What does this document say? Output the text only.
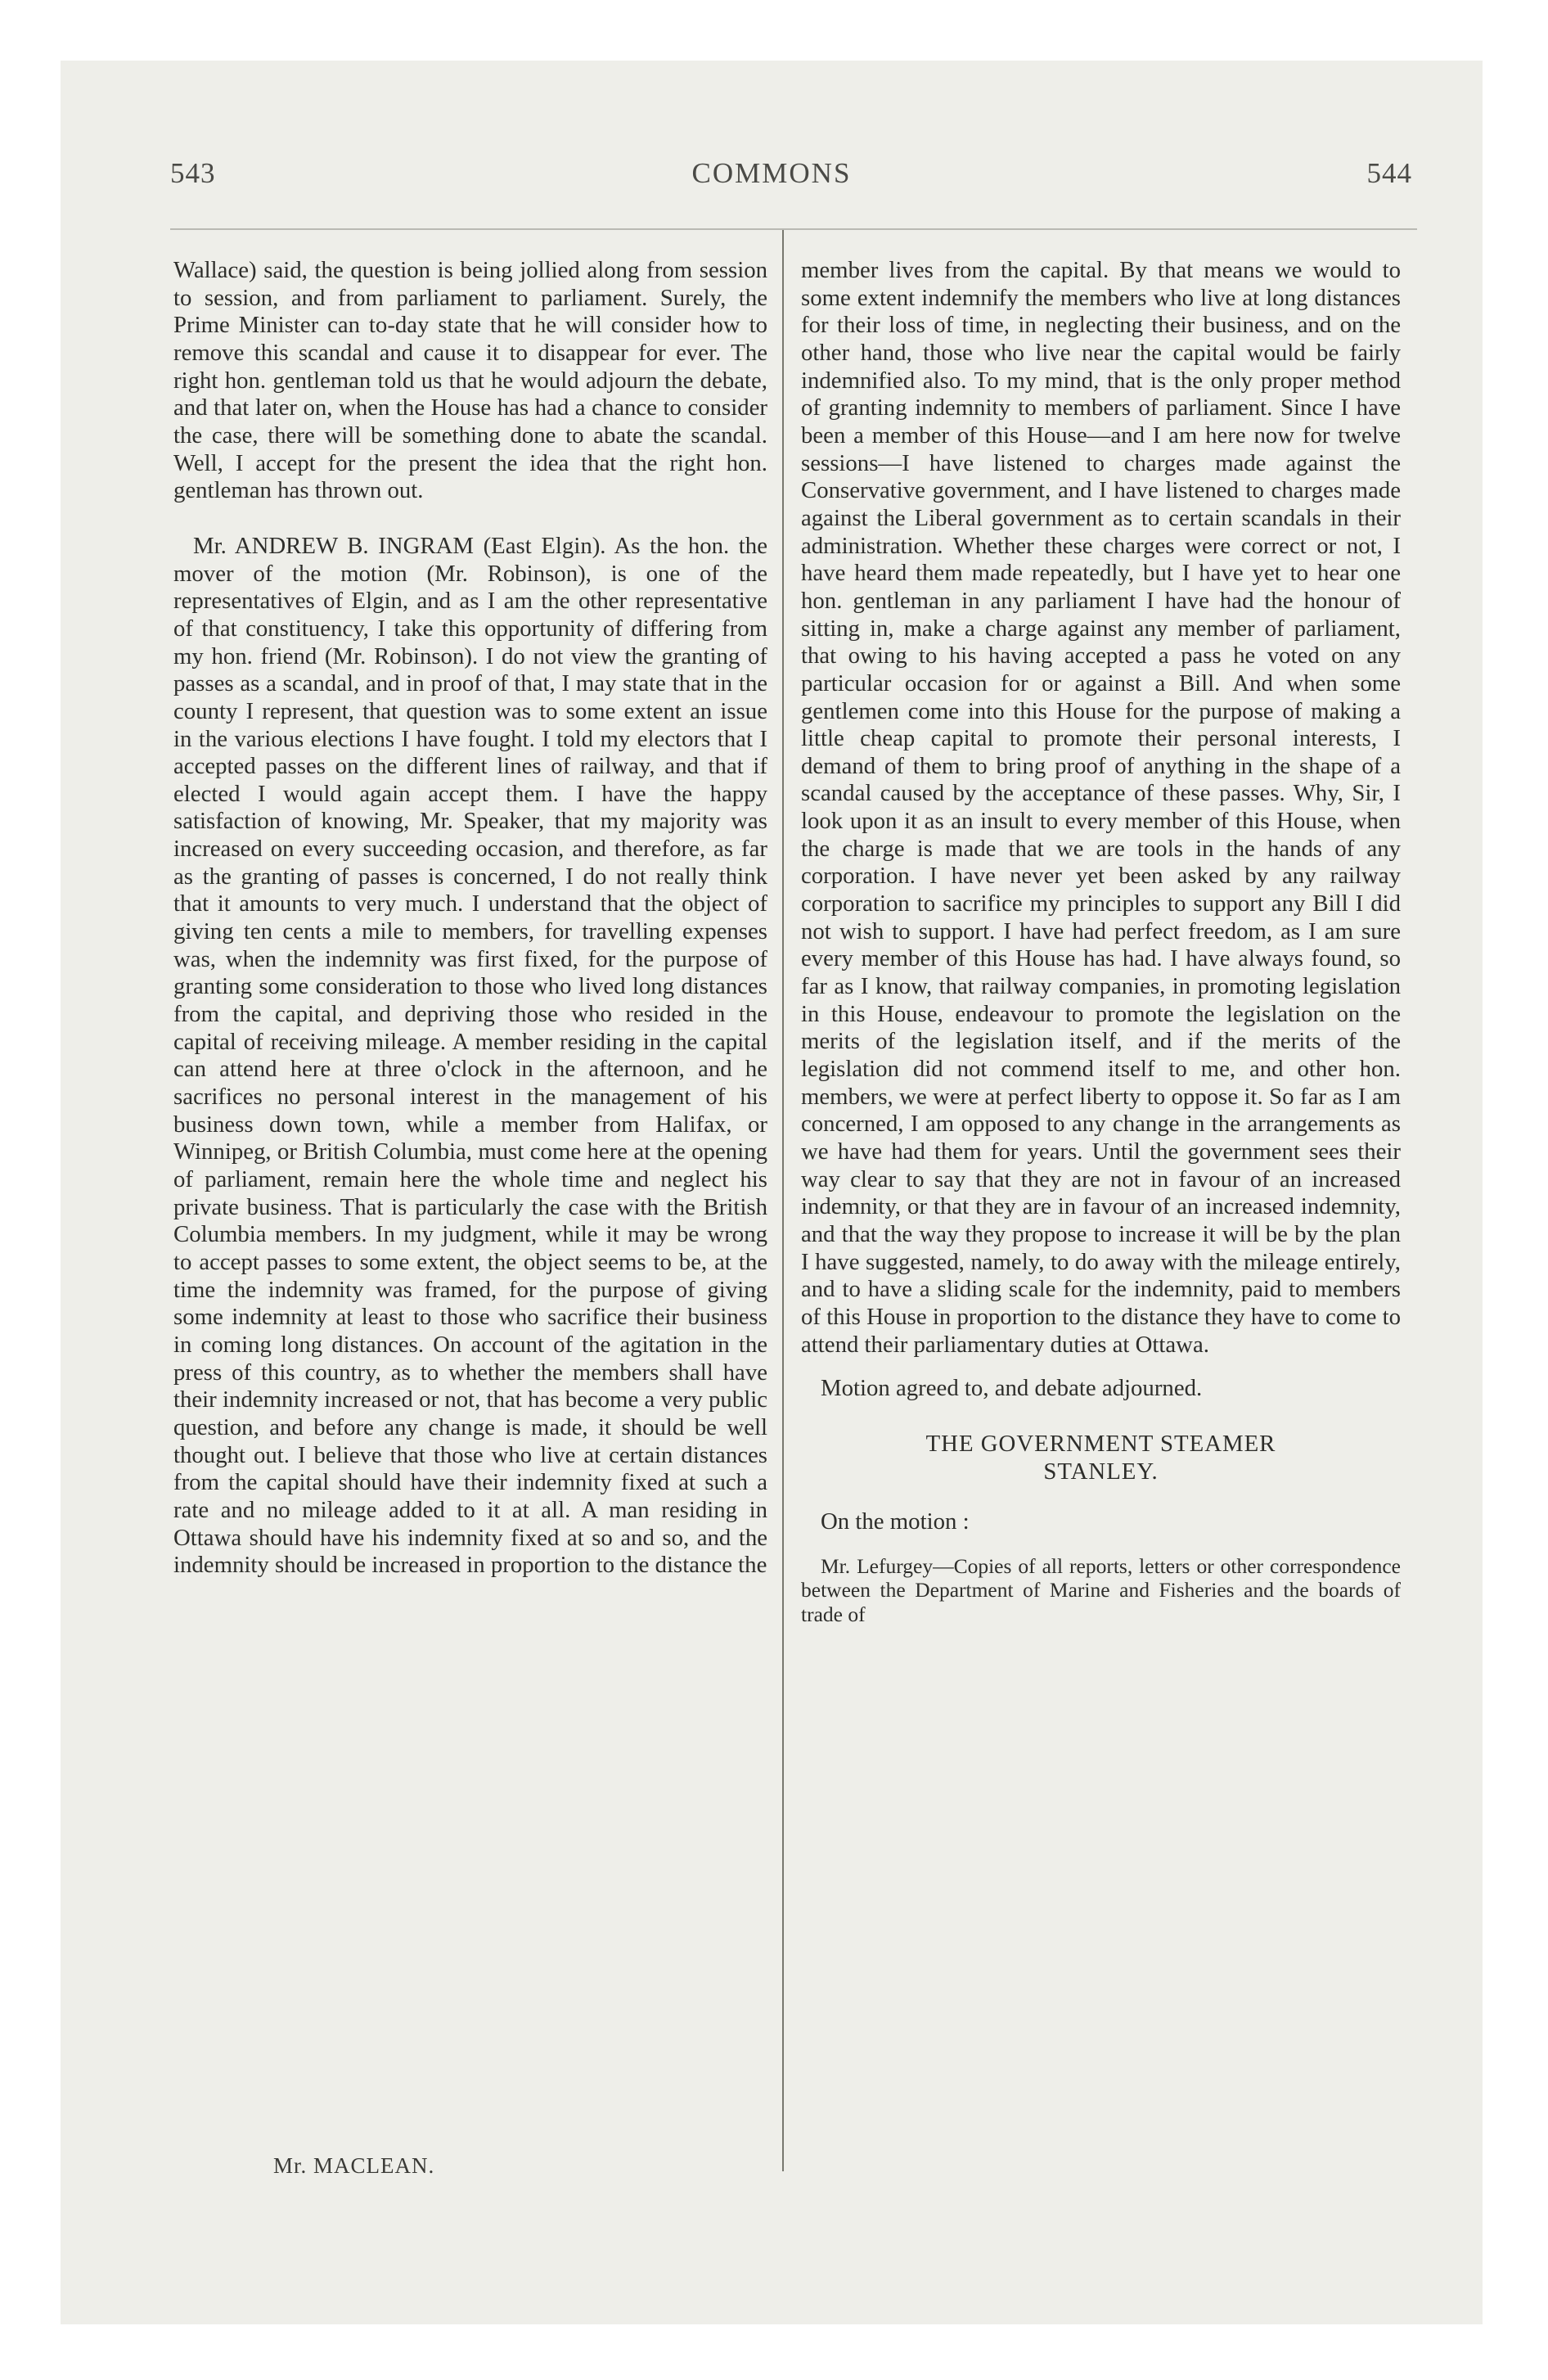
543	COMMONS	544

Wallace) said, the question is being jollied along from session to session, and from parliament to parliament. Surely, the Prime Minister can to-day state that he will consider how to remove this scandal and cause it to disappear for ever. The right hon. gentleman told us that he would adjourn the debate, and that later on, when the House has had a chance to consider the case, there will be something done to abate the scandal. Well, I accept for the present the idea that the right hon. gentleman has thrown out.

Mr. ANDREW B. INGRAM (East Elgin). As the hon. the mover of the motion (Mr. Robinson), is one of the representatives of Elgin, and as I am the other representative of that constituency, I take this opportunity of differing from my hon. friend (Mr. Robinson). I do not view the granting of passes as a scandal, and in proof of that, I may state that in the county I represent, that question was to some extent an issue in the various elections I have fought. I told my electors that I accepted passes on the different lines of railway, and that if elected I would again accept them. I have the happy satisfaction of knowing, Mr. Speaker, that my majority was increased on every succeeding occasion, and therefore, as far as the granting of passes is concerned, I do not really think that it amounts to very much. I understand that the object of giving ten cents a mile to members, for travelling expenses was, when the indemnity was first fixed, for the purpose of granting some consideration to those who lived long distances from the capital, and depriving those who resided in the capital of receiving mileage. A member residing in the capital can attend here at three o'clock in the afternoon, and he sacrifices no personal interest in the management of his business down town, while a member from Halifax, or Winnipeg, or British Columbia, must come here at the opening of parliament, remain here the whole time and neglect his private business. That is particularly the case with the British Columbia members. In my judgment, while it may be wrong to accept passes to some extent, the object seems to be, at the time the indemnity was framed, for the purpose of giving some indemnity at least to those who sacrifice their business in coming long distances. On account of the agitation in the press of this country, as to whether the members shall have their indemnity increased or not, that has become a very public question, and before any change is made, it should be well thought out. I believe that those who live at certain distances from the capital should have their indemnity fixed at such a rate and no mileage added to it at all. A man residing in Ottawa should have his indemnity fixed at so and so, and the indemnity should be increased in proportion to the distance the

member lives from the capital. By that means we would to some extent indemnify the members who live at long distances for their loss of time, in neglecting their business, and on the other hand, those who live near the capital would be fairly indemnified also. To my mind, that is the only proper method of granting indemnity to members of parliament. Since I have been a member of this House—and I am here now for twelve sessions—I have listened to charges made against the Conservative government, and I have listened to charges made against the Liberal government as to certain scandals in their administration. Whether these charges were correct or not, I have heard them made repeatedly, but I have yet to hear one hon. gentleman in any parliament I have had the honour of sitting in, make a charge against any member of parliament, that owing to his having accepted a pass he voted on any particular occasion for or against a Bill. And when some gentlemen come into this House for the purpose of making a little cheap capital to promote their personal interests, I demand of them to bring proof of anything in the shape of a scandal caused by the acceptance of these passes. Why, Sir, I look upon it as an insult to every member of this House, when the charge is made that we are tools in the hands of any corporation. I have never yet been asked by any railway corporation to sacrifice my principles to support any Bill I did not wish to support. I have had perfect freedom, as I am sure every member of this House has had. I have always found, so far as I know, that railway companies, in promoting legislation in this House, endeavour to promote the legislation on the merits of the legislation itself, and if the merits of the legislation did not commend itself to me, and other hon. members, we were at perfect liberty to oppose it. So far as I am concerned, I am opposed to any change in the arrangements as we have had them for years. Until the government sees their way clear to say that they are not in favour of an increased indemnity, or that they are in favour of an increased indemnity, and that the way they propose to increase it will be by the plan I have suggested, namely, to do away with the mileage entirely, and to have a sliding scale for the indemnity, paid to members of this House in proportion to the distance they have to come to attend their parliamentary duties at Ottawa.

Motion agreed to, and debate adjourned.

THE GOVERNMENT STEAMER
STANLEY.

On the motion :

Mr. Lefurgey—Copies of all reports, letters or other correspondence between the Department of Marine and Fisheries and the boards of trade of

Mr. MACLEAN.
